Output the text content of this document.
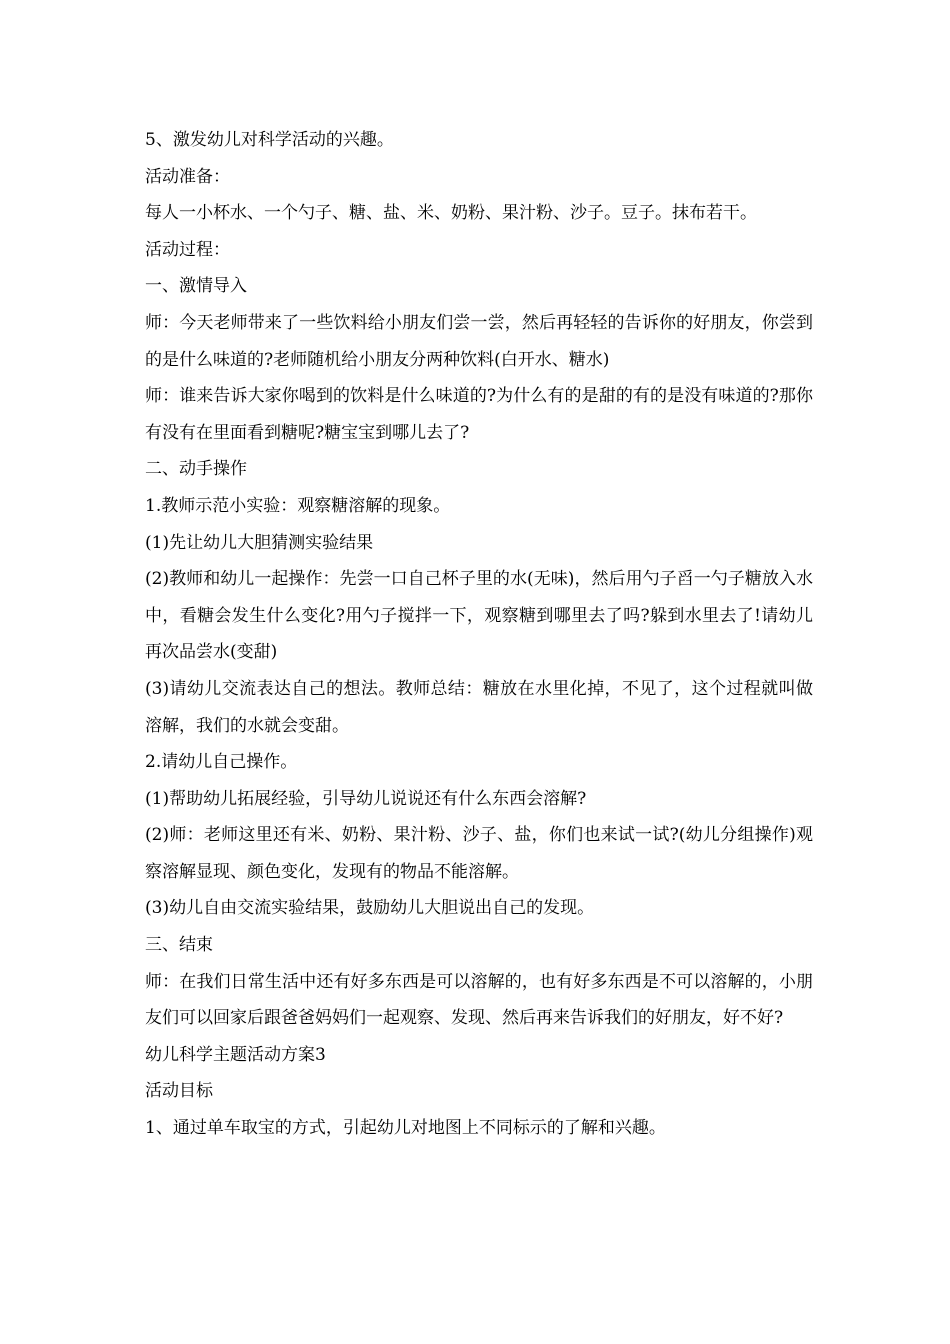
5、激发幼儿对科学活动的兴趣。

活动准备：

每人一小杯水、一个勺子、糖、盐、米、奶粉、果汁粉、沙子。豆子。抹布若干。

活动过程：

一、激情导入

师：今天老师带来了一些饮料给小朋友们尝一尝，然后再轻轻的告诉你的好朋友，你尝到的是什么味道的?老师随机给小朋友分两种饮料(白开水、糖水)

师：谁来告诉大家你喝到的饮料是什么味道的?为什么有的是甜的有的是没有味道的?那你有没有在里面看到糖呢?糖宝宝到哪儿去了?

二、动手操作

1.教师示范小实验：观察糖溶解的现象。

(1)先让幼儿大胆猜测实验结果

(2)教师和幼儿一起操作：先尝一口自己杯子里的水(无味)，然后用勺子舀一勺子糖放入水中，看糖会发生什么变化?用勺子搅拌一下，观察糖到哪里去了吗?躲到水里去了!请幼儿再次品尝水(变甜)

(3)请幼儿交流表达自己的想法。教师总结：糖放在水里化掉，不见了，这个过程就叫做溶解，我们的水就会变甜。

2.请幼儿自己操作。

(1)帮助幼儿拓展经验，引导幼儿说说还有什么东西会溶解?

(2)师：老师这里还有米、奶粉、果汁粉、沙子、盐，你们也来试一试?(幼儿分组操作)观察溶解显现、颜色变化，发现有的物品不能溶解。

(3)幼儿自由交流实验结果，鼓励幼儿大胆说出自己的发现。

三、结束

师：在我们日常生活中还有好多东西是可以溶解的，也有好多东西是不可以溶解的，小朋友们可以回家后跟爸爸妈妈们一起观察、发现、然后再来告诉我们的好朋友，好不好?

幼儿科学主题活动方案3

活动目标

1、通过单车取宝的方式，引起幼儿对地图上不同标示的了解和兴趣。
